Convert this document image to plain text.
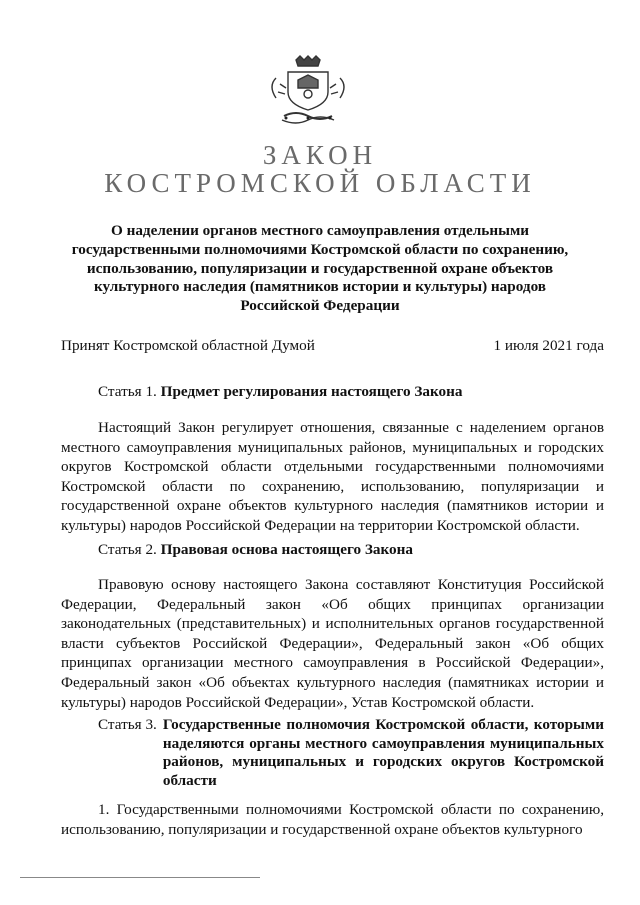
ЗАКОН
КОСТРОМСКОЙ ОБЛАСТИ
О наделении органов местного самоуправления отдельными государственными полномочиями Костромской области по сохранению, использованию, популяризации и государственной охране объектов культурного наследия (памятников истории и культуры) народов Российской Федерации
Принят Костромской областной Думой	1 июля 2021 года
Статья 1. Предмет регулирования настоящего Закона

Настоящий Закон регулирует отношения, связанные с наделением органов местного самоуправления муниципальных районов, муниципальных и городских округов Костромской области отдельными государственными полномочиями Костромской области по сохранению, использованию, популяризации и государственной охране объектов культурного наследия (памятников истории и культуры) народов Российской Федерации на территории Костромской области.

Статья 2. Правовая основа настоящего Закона

Правовую основу настоящего Закона составляют Конституция Российской Федерации, Федеральный закон «Об общих принципах организации законодательных (представительных) и исполнительных органов государственной власти субъектов Российской Федерации», Федеральный закон «Об общих принципах организации местного самоуправления в Российской Федерации», Федеральный закон «Об объектах культурного наследия (памятниках истории и культуры) народов Российской Федерации», Устав Костромской области.

Статья 3. Государственные полномочия Костромской области, которыми наделяются органы местного самоуправления муниципальных районов, муниципальных и городских округов Костромской области

1. Государственными полномочиями Костромской области по сохранению, использованию, популяризации и государственной охране объектов культурного
